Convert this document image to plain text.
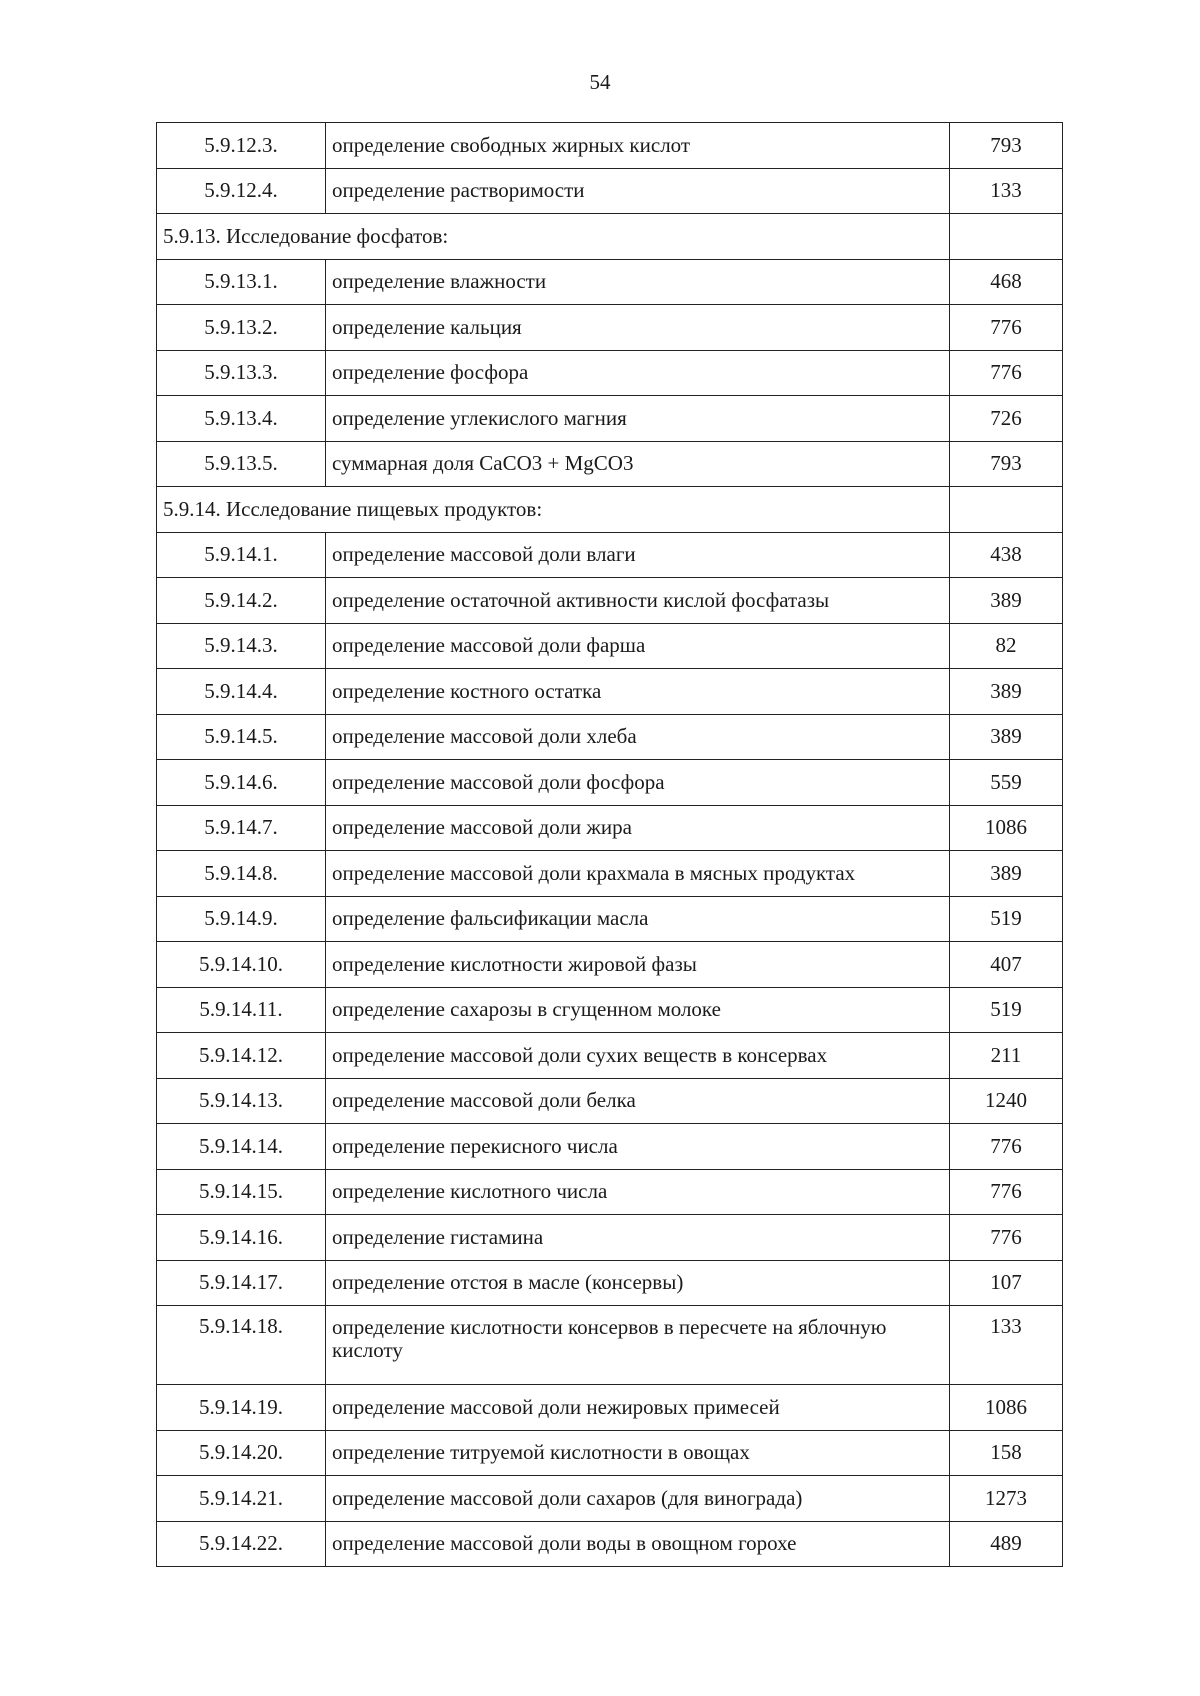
54
5.9.12.3.	определение свободных жирных кислот	793
5.9.12.4.	определение растворимости	133
5.9.13. Исследование фосфатов:		
5.9.13.1.	определение влажности	468
5.9.13.2.	определение кальция	776
5.9.13.3.	определение фосфора	776
5.9.13.4.	определение углекислого магния	726
5.9.13.5.	суммарная доля CaCO3 + MgCO3	793
5.9.14. Исследование пищевых продуктов:		
5.9.14.1.	определение массовой доли влаги	438
5.9.14.2.	определение остаточной активности кислой фосфатазы	389
5.9.14.3.	определение массовой доли фарша	82
5.9.14.4.	определение костного остатка	389
5.9.14.5.	определение массовой доли хлеба	389
5.9.14.6.	определение массовой доли фосфора	559
5.9.14.7.	определение массовой доли жира	1086
5.9.14.8.	определение массовой доли крахмала в мясных продуктах	389
5.9.14.9.	определение фальсификации масла	519
5.9.14.10.	определение кислотности жировой фазы	407
5.9.14.11.	определение сахарозы в сгущенном молоке	519
5.9.14.12.	определение массовой доли сухих веществ в консервах	211
5.9.14.13.	определение массовой доли белка	1240
5.9.14.14.	определение перекисного числа	776
5.9.14.15.	определение кислотного числа	776
5.9.14.16.	определение гистамина	776
5.9.14.17.	определение отстоя в масле (консервы)	107
5.9.14.18.	определение кислотности консервов в пересчете на яблочную кислоту	133
5.9.14.19.	определение массовой доли нежировых примесей	1086
5.9.14.20.	определение титруемой кислотности в овощах	158
5.9.14.21.	определение массовой доли сахаров (для винограда)	1273
5.9.14.22.	определение массовой доли воды в овощном горохе	489
